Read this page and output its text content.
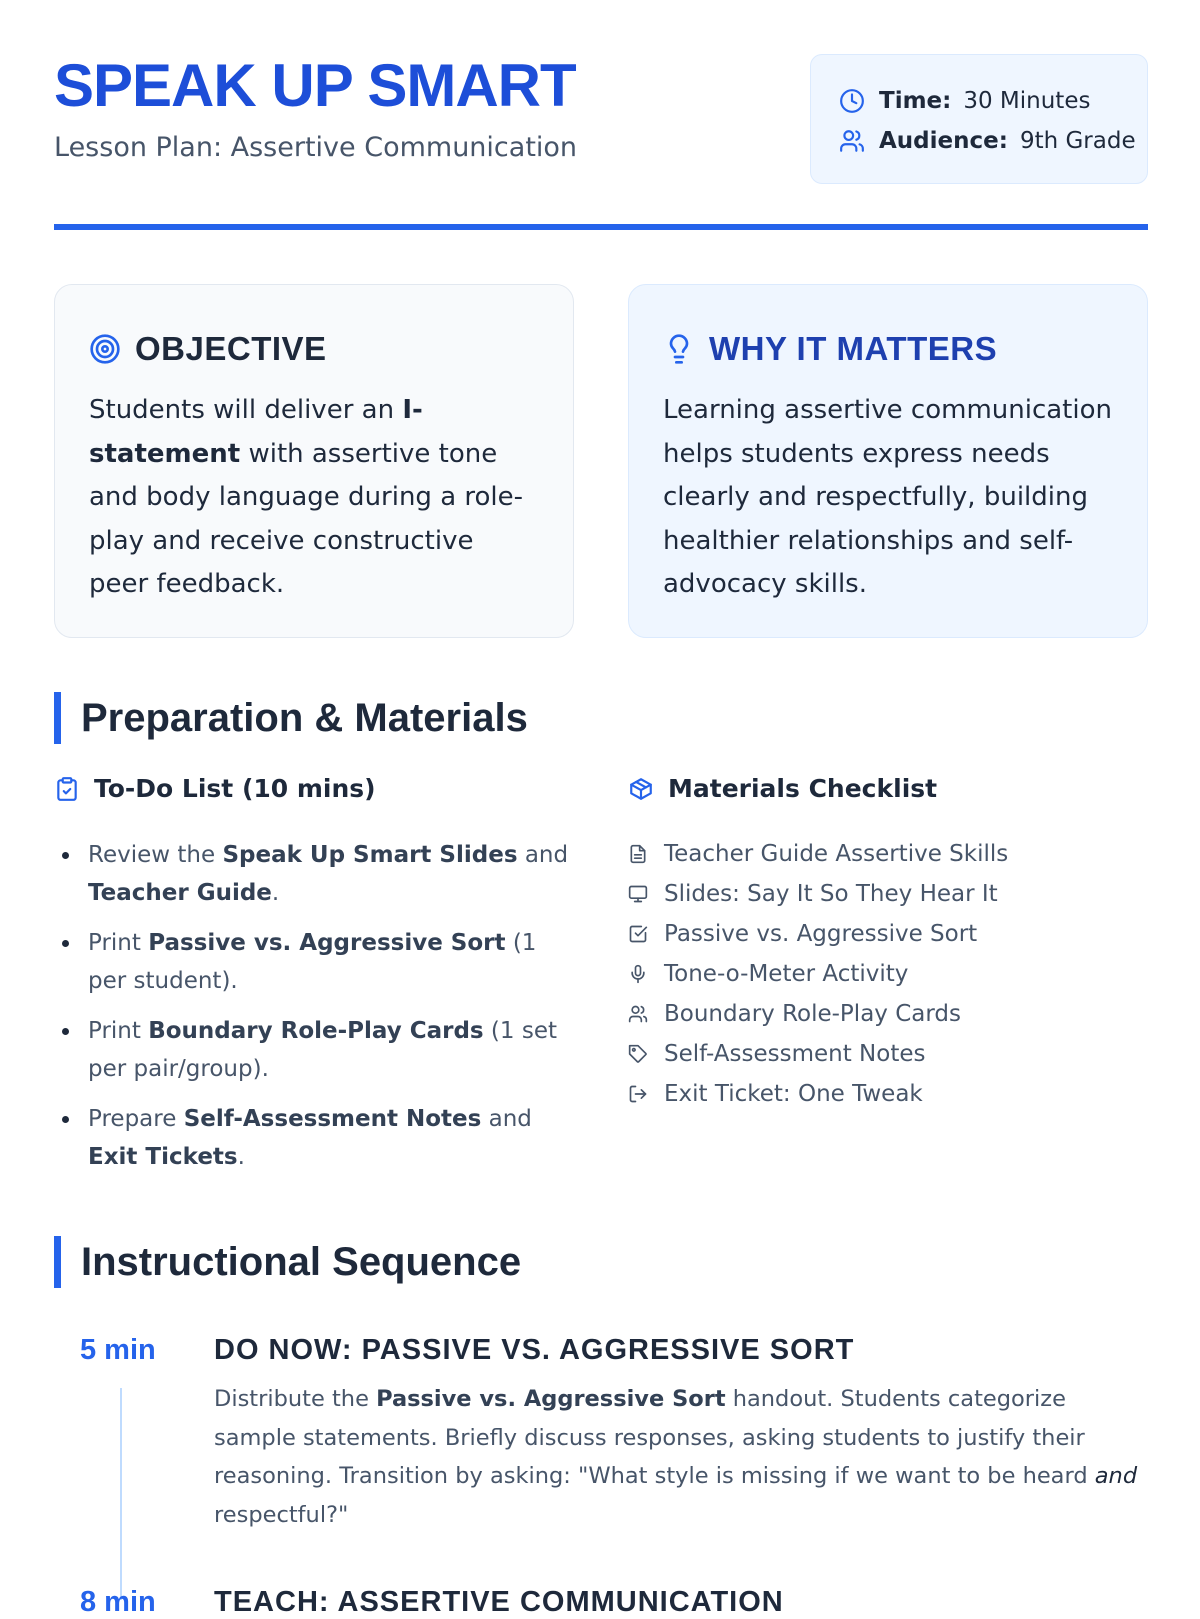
SPEAK UP SMART
Lesson Plan: Assertive Communication
Time: 30 Minutes
Audience: 9th Grade
OBJECTIVE
Students will deliver an I-statement with assertive tone and body language during a role-play and receive constructive peer feedback.
WHY IT MATTERS
Learning assertive communication helps students express needs clearly and respectfully, building healthier relationships and self-advocacy skills.
Preparation & Materials
To-Do List (10 mins)
Review the Speak Up Smart Slides and Teacher Guide.
Print Passive vs. Aggressive Sort (1 per student).
Print Boundary Role-Play Cards (1 set per pair/group).
Prepare Self-Assessment Notes and Exit Tickets.
Materials Checklist
Teacher Guide Assertive Skills
Slides: Say It So They Hear It
Passive vs. Aggressive Sort
Tone-o-Meter Activity
Boundary Role-Play Cards
Self-Assessment Notes
Exit Ticket: One Tweak
Instructional Sequence
5 min DO NOW: PASSIVE VS. AGGRESSIVE SORT
Distribute the Passive vs. Aggressive Sort handout. Students categorize sample statements. Briefly discuss responses, asking students to justify their reasoning. Transition by asking: "What style is missing if we want to be heard and respectful?"
8 min TEACH: ASSERTIVE COMMUNICATION
